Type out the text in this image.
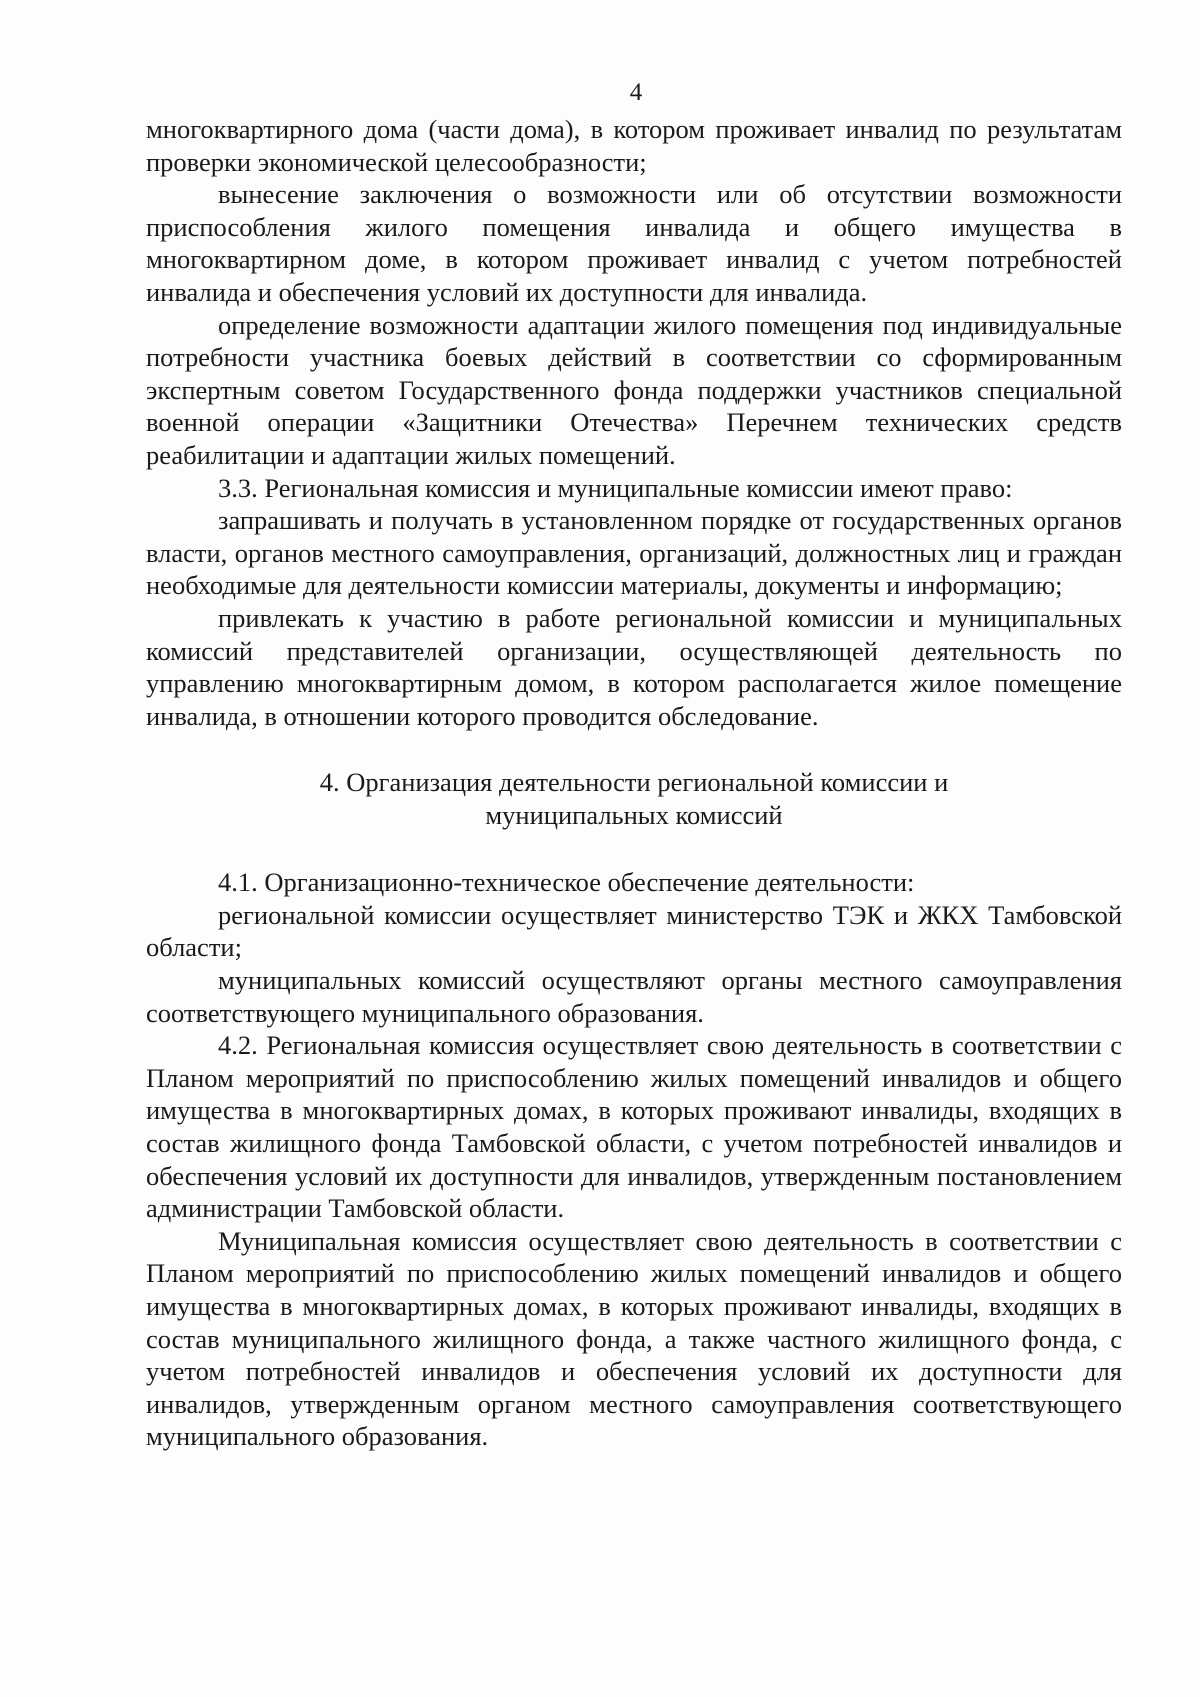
4

многоквартирного дома (части дома), в котором проживает инвалид по результатам проверки экономической целесообразности;

вынесение заключения о возможности или об отсутствии возможности приспособления жилого помещения инвалида и общего имущества в многоквартирном доме, в котором проживает инвалид с учетом потребностей инвалида и обеспечения условий их доступности для инвалида.

определение возможности адаптации жилого помещения под индивидуальные потребности участника боевых действий в соответствии со сформированным экспертным советом Государственного фонда поддержки участников специальной военной операции «Защитники Отечества» Перечнем технических средств реабилитации и адаптации жилых помещений.

3.3. Региональная комиссия и муниципальные комиссии имеют право:

запрашивать и получать в установленном порядке от государственных органов власти, органов местного самоуправления, организаций, должностных лиц и граждан необходимые для деятельности комиссии материалы, документы и информацию;

привлекать к участию в работе региональной комиссии и муниципальных комиссий представителей организации, осуществляющей деятельность по управлению многоквартирным домом, в котором располагается жилое помещение инвалида, в отношении которого проводится обследование.

4. Организация деятельности региональной комиссии и
муниципальных комиссий

4.1. Организационно-техническое обеспечение деятельности:

региональной комиссии осуществляет министерство ТЭК и ЖКХ Тамбовской области;

муниципальных комиссий осуществляют органы местного самоуправления соответствующего муниципального образования.

4.2. Региональная комиссия осуществляет свою деятельность в соответствии с Планом мероприятий по приспособлению жилых помещений инвалидов и общего имущества в многоквартирных домах, в которых проживают инвалиды, входящих в состав жилищного фонда Тамбовской области, с учетом потребностей инвалидов и обеспечения условий их доступности для инвалидов, утвержденным постановлением администрации Тамбовской области.

Муниципальная комиссия осуществляет свою деятельность в соответствии с Планом мероприятий по приспособлению жилых помещений инвалидов и общего имущества в многоквартирных домах, в которых проживают инвалиды, входящих в состав муниципального жилищного фонда, а также частного жилищного фонда, с учетом потребностей инвалидов и обеспечения условий их доступности для инвалидов, утвержденным органом местного самоуправления соответствующего муниципального образования.
